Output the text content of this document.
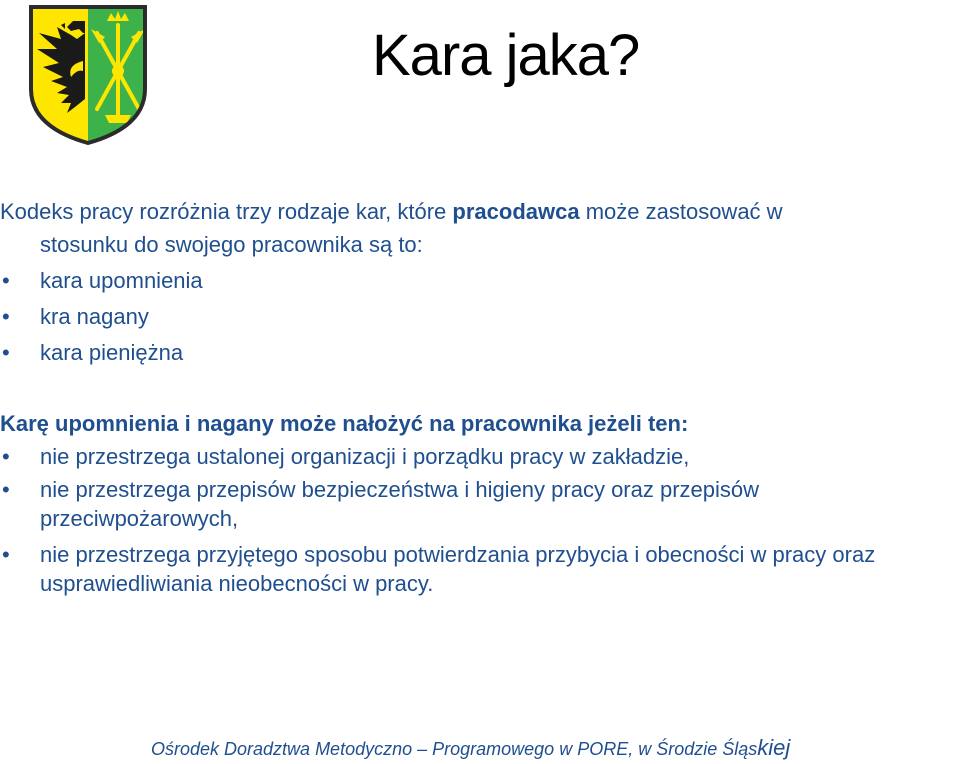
Kara jaka?

Kodeks pracy rozróżnia trzy rodzaje kar, które pracodawca może zastosować w
stosunku do swojego pracownika są to:

• kara upomnienia
• kra nagany
• kara pieniężna

Karę upomnienia i nagany może nałożyć na pracownika jeżeli ten:

• nie przestrzega ustalonej organizacji i porządku pracy w zakładzie,
• nie przestrzega przepisów bezpieczeństwa i higieny pracy oraz przepisów przeciwpożarowych,
• nie przestrzega przyjętego sposobu potwierdzania przybycia i obecności w pracy oraz usprawiedliwiania nieobecności w pracy.

Ośrodek Doradztwa Metodyczno – Programowego w PORE, w Środzie Śląskiej
